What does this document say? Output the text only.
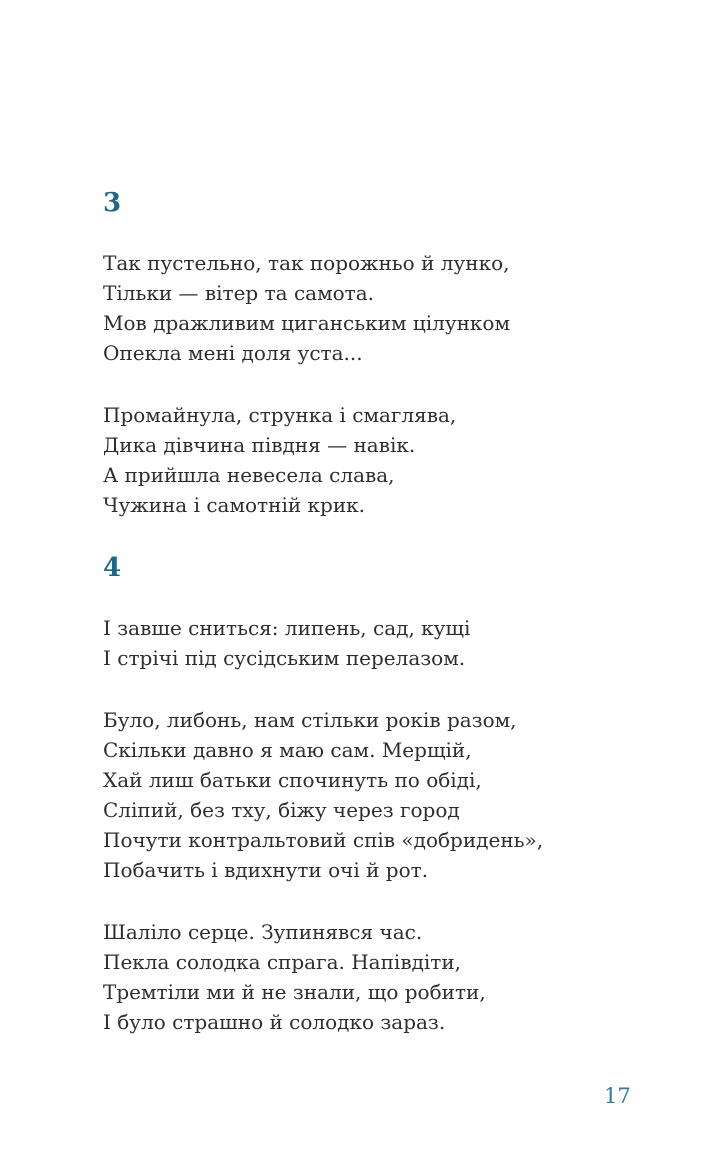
3

Так пустельно, так порожньо й лунко,

Тільки — вітер та самота.

Мов дражливим циганським цілунком

Опекла мені доля уста...

Промайнула, струнка і смаглява,

Дика дівчина півдня — навік.

А прийшла невесела слава,

Чужина і самотній крик.

4

І завше сниться: липень, сад, кущі

І стрічі під сусідським перелазом.

Було, либонь, нам стільки років разом,

Скільки давно я маю сам. Мерщій,

Хай лиш батьки спочинуть по обіді,

Сліпий, без тху, біжу через город

Почути контральтовий спів «добридень»,

Побачить і вдихнути очі й рот.

Шаліло серце. Зупинявся час.

Пекла солодка спрага. Напівдіти,

Тремтіли ми й не знали, що робити,

І було страшно й солодко зараз.

17
